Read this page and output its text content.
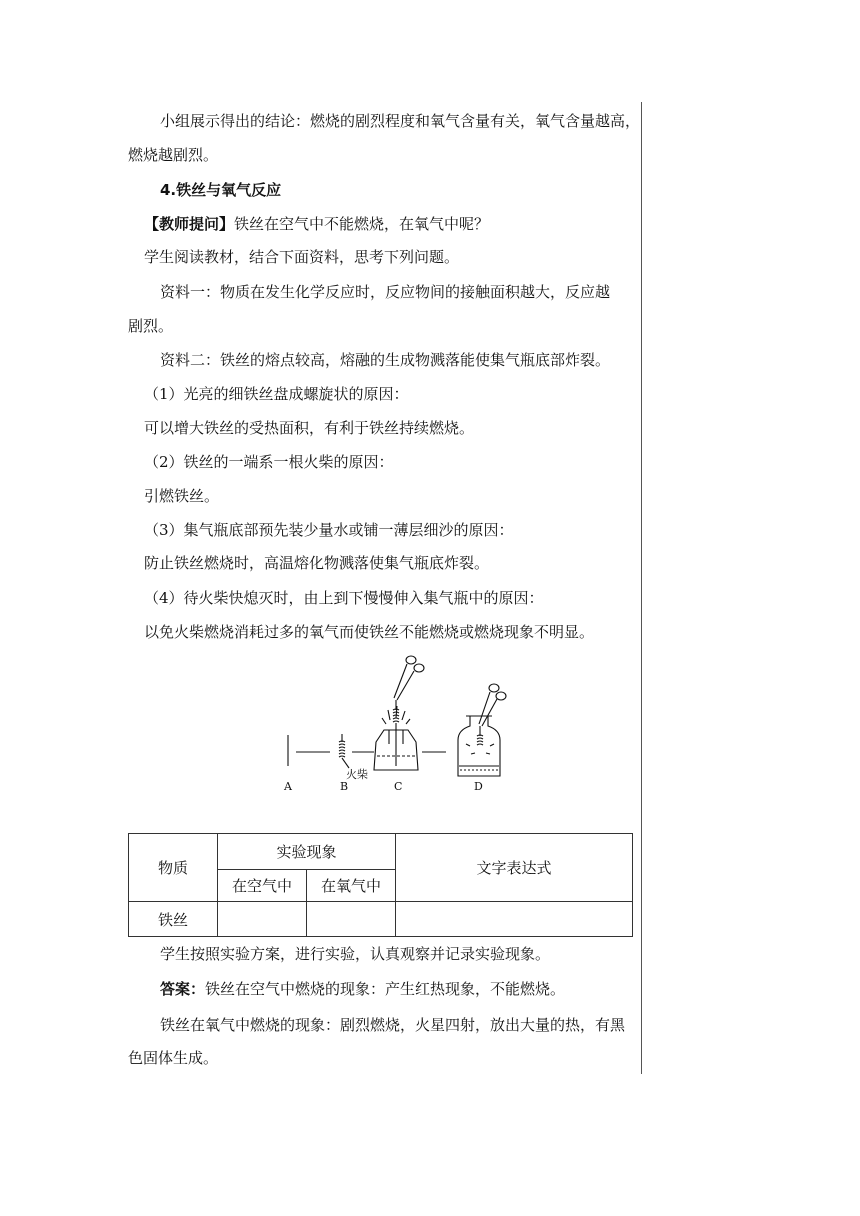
小组展示得出的结论：燃烧的剧烈程度和氧气含量有关，氧气含量越高，
燃烧越剧烈。
4.铁丝与氧气反应
【教师提问】铁丝在空气中不能燃烧，在氧气中呢？
学生阅读教材，结合下面资料，思考下列问题。
资料一：物质在发生化学反应时，反应物间的接触面积越大，反应越
剧烈。
资料二：铁丝的熔点较高，熔融的生成物溅落能使集气瓶底部炸裂。
（1）光亮的细铁丝盘成螺旋状的原因：
可以增大铁丝的受热面积，有利于铁丝持续燃烧。
（2）铁丝的一端系一根火柴的原因：
引燃铁丝。
（3）集气瓶底部预先装少量水或铺一薄层细沙的原因：
防止铁丝燃烧时，高温熔化物溅落使集气瓶底炸裂。
（4）待火柴快熄灭时，由上到下慢慢伸入集气瓶中的原因：
以免火柴燃烧消耗过多的氧气而使铁丝不能燃烧或燃烧现象不明显。
A	B	C	D
火柴
物质	实验现象		文字表达式
	在空气中	在氧气中	
铁丝			
学生按照实验方案，进行实验，认真观察并记录实验现象。
答案：铁丝在空气中燃烧的现象：产生红热现象，不能燃烧。
铁丝在氧气中燃烧的现象：剧烈燃烧，火星四射，放出大量的热，有黑
色固体生成。
